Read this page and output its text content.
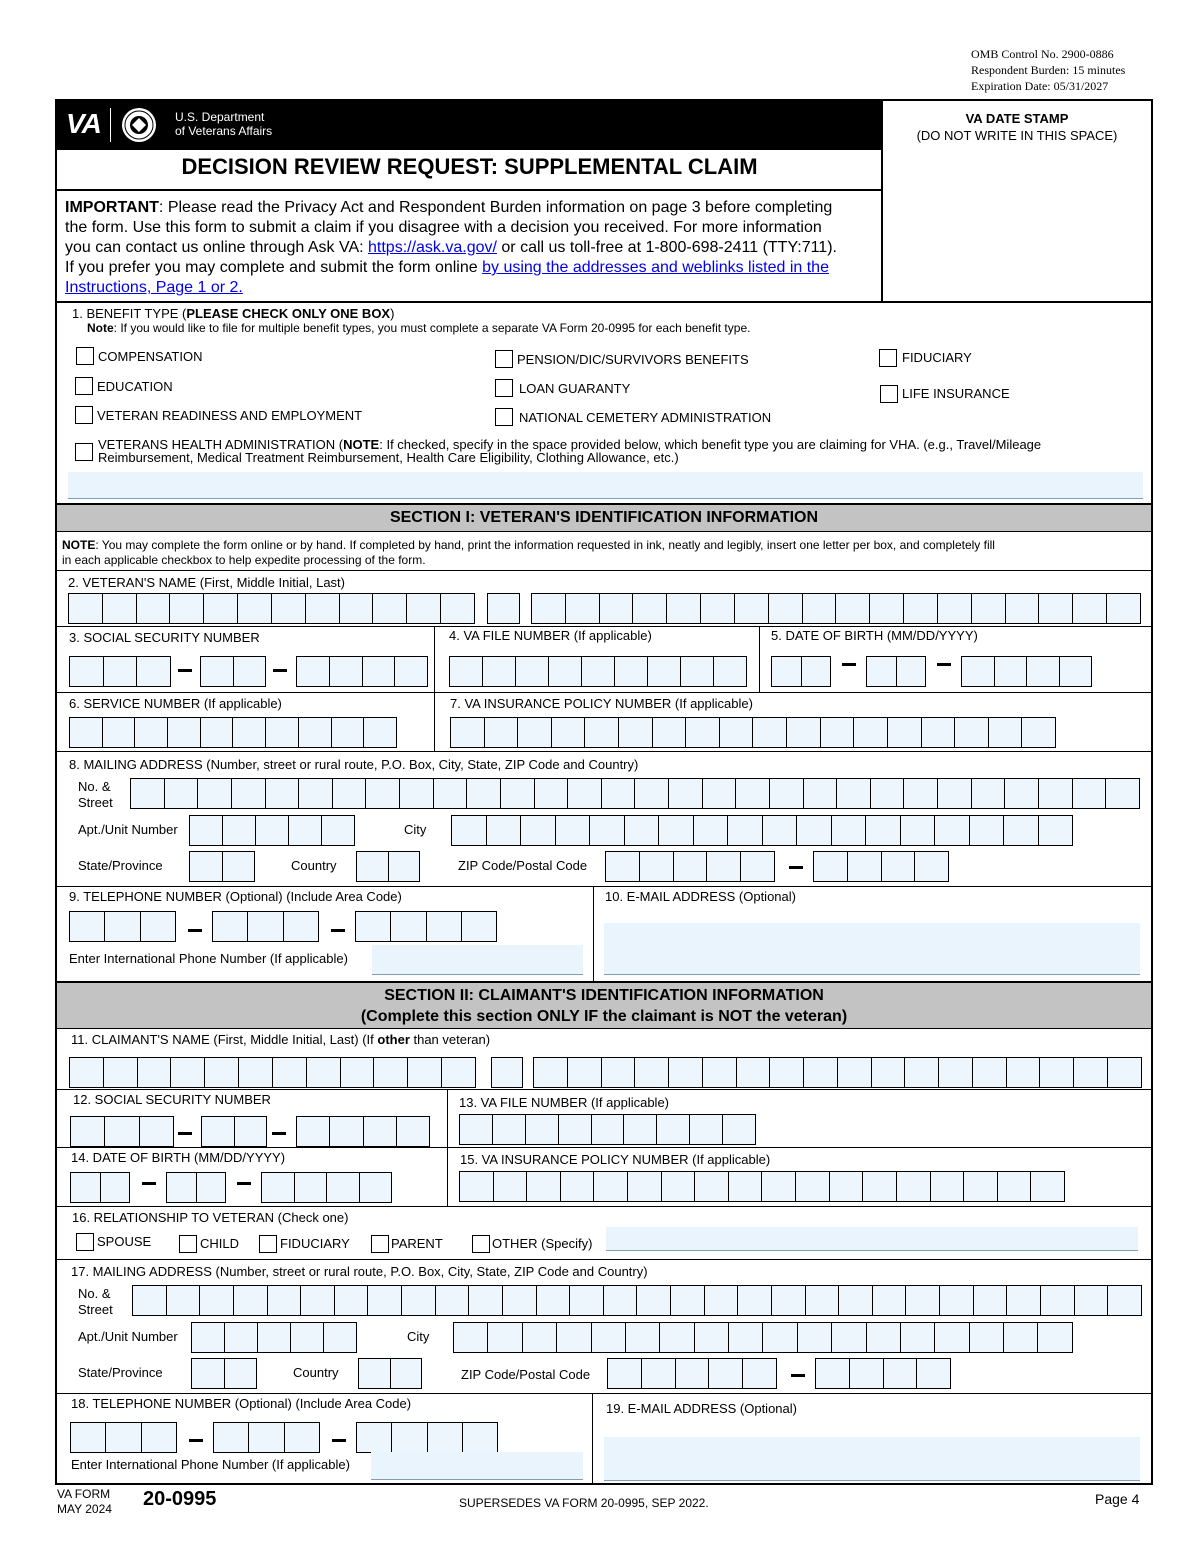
OMB Control No. 2900-0886
Respondent Burden: 15 minutes
Expiration Date: 05/31/2027
VA	U.S. Department
of Veterans Affairs
DECISION REVIEW REQUEST: SUPPLEMENTAL CLAIM
VA DATE STAMP
(DO NOT WRITE IN THIS SPACE)
IMPORTANT: Please read the Privacy Act and Respondent Burden information on page 3 before completing
the form. Use this form to submit a claim if you disagree with a decision you received. For more information
you can contact us online through Ask VA: https://ask.va.gov/ or call us toll-free at 1-800-698-2411 (TTY:711).
If you prefer you may complete and submit the form online by using the addresses and weblinks listed in the
Instructions, Page 1 or 2.
1. BENEFIT TYPE (PLEASE CHECK ONLY ONE BOX)
Note: If you would like to file for multiple benefit types, you must complete a separate VA Form 20-0995 for each benefit type.
COMPENSATION	PENSION/DIC/SURVIVORS BENEFITS	FIDUCIARY
EDUCATION	LOAN GUARANTY	LIFE INSURANCE
VETERAN READINESS AND EMPLOYMENT	NATIONAL CEMETERY ADMINISTRATION
VETERANS HEALTH ADMINISTRATION (NOTE: If checked, specify in the space provided below, which benefit type you are claiming for VHA. (e.g., Travel/Mileage
Reimbursement, Medical Treatment Reimbursement, Health Care Eligibility, Clothing Allowance, etc.)
SECTION I: VETERAN'S IDENTIFICATION INFORMATION
NOTE: You may complete the form online or by hand. If completed by hand, print the information requested in ink, neatly and legibly, insert one letter per box, and completely fill
in each applicable checkbox to help expedite processing of the form.
2. VETERAN'S NAME (First, Middle Initial, Last)
3. SOCIAL SECURITY NUMBER	4. VA FILE NUMBER (If applicable)	5. DATE OF BIRTH (MM/DD/YYYY)
6. SERVICE NUMBER (If applicable)	7. VA INSURANCE POLICY NUMBER (If applicable)
8. MAILING ADDRESS (Number, street or rural route, P.O. Box, City, State, ZIP Code and Country)
No. &
Street
Apt./Unit Number	City
State/Province	Country	ZIP Code/Postal Code
9. TELEPHONE NUMBER (Optional) (Include Area Code)
Enter International Phone Number (If applicable)
10. E-MAIL ADDRESS (Optional)
SECTION II: CLAIMANT'S IDENTIFICATION INFORMATION
(Complete this section ONLY IF the claimant is NOT the veteran)
11. CLAIMANT'S NAME (First, Middle Initial, Last) (If other than veteran)
12. SOCIAL SECURITY NUMBER	13. VA FILE NUMBER (If applicable)
14. DATE OF BIRTH (MM/DD/YYYY)	15. VA INSURANCE POLICY NUMBER (If applicable)
16. RELATIONSHIP TO VETERAN (Check one)
SPOUSE	CHILD	FIDUCIARY	PARENT	OTHER (Specify)
17. MAILING ADDRESS (Number, street or rural route, P.O. Box, City, State, ZIP Code and Country)
No. &
Street
Apt./Unit Number	City
State/Province	Country	ZIP Code/Postal Code
18. TELEPHONE NUMBER (Optional) (Include Area Code)
Enter International Phone Number (If applicable)
19. E-MAIL ADDRESS (Optional)
VA FORM
MAY 2024 20-0995	SUPERSEDES VA FORM 20-0995, SEP 2022.	Page 4
